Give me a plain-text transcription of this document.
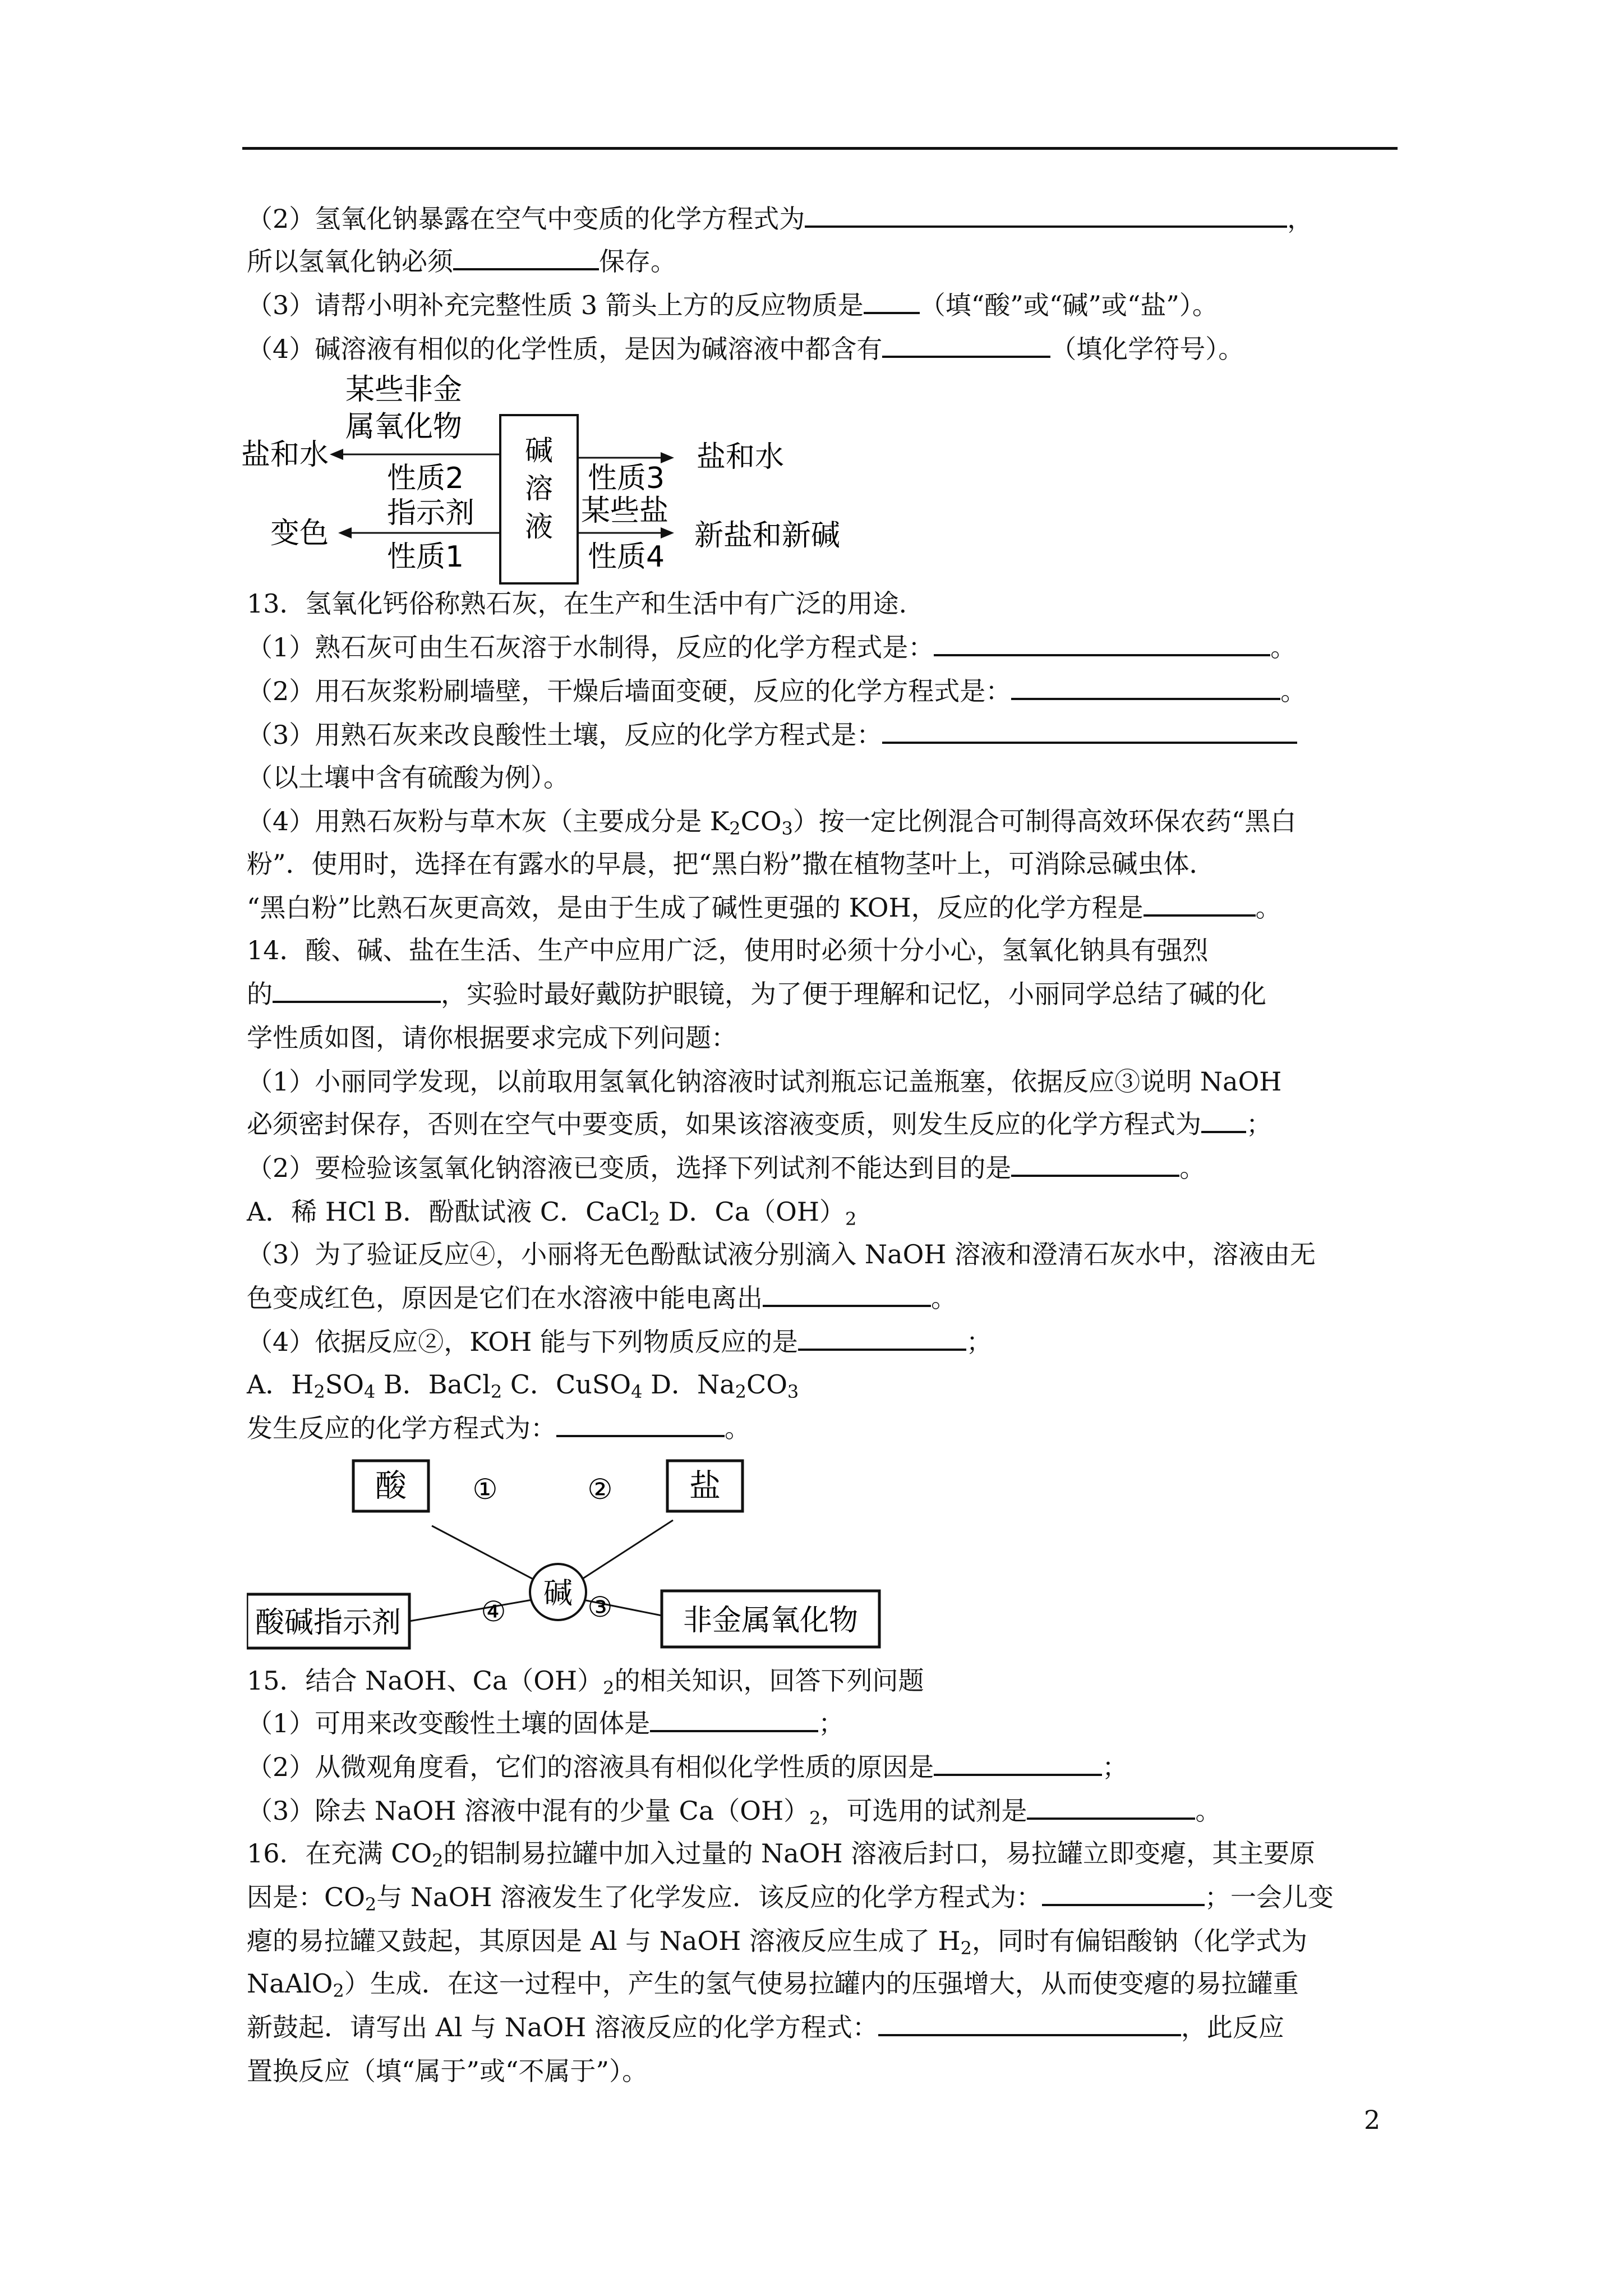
（2）氢氧化钠暴露在空气中变质的化学方程式为	，
所以氢氧化钠必须	保存。
（3）请帮小明补充完整性质 3 箭头上方的反应物质是 （填“酸”或“碱”或“盐”）。
（4）碱溶液有相似的化学性质，是因为碱溶液中都含有	（填化学符号）。
碱
溶
液
某些非金
属氧化物
盐和水
性质2
指示剂
变色
性质1
盐和水
性质3
某些盐
新盐和新碱
性质4
13．氢氧化钙俗称熟石灰，在生产和生活中有广泛的用途.
（1）熟石灰可由生石灰溶于水制得，反应的化学方程式是：	。
（2）用石灰浆粉刷墙壁，干燥后墙面变硬，反应的化学方程式是：	。
（3）用熟石灰来改良酸性土壤，反应的化学方程式是：
（以土壤中含有硫酸为例）。
（4）用熟石灰粉与草木灰（主要成分是 $K_2CO_3$）按一定比例混合可制得高效环保农药“黑白
粉”．使用时，选择在有露水的早晨，把“黑白粉”撒在植物茎叶上，可消除忌碱虫体．
“黑白粉”比熟石灰更高效，是由于生成了碱性更强的 KOH，反应的化学方程是	。
14．酸、碱、盐在生活、生产中应用广泛，使用时必须十分小心，氢氧化钠具有强烈
的	，实验时最好戴防护眼镜，为了便于理解和记忆，小丽同学总结了碱的化
学性质如图，请你根据要求完成下列问题：
（1）小丽同学发现，以前取用氢氧化钠溶液时试剂瓶忘记盖瓶塞，依据反应③说明 NaOH
必须密封保存，否则在空气中要变质，如果该溶液变质，则发生反应的化学方程式为 ；
（2）要检验该氢氧化钠溶液已变质，选择下列试剂不能达到目的是	。
A．稀 HCl B．酚酞试液 C．CaCl$_2$ D．$Ca(OH)_2$
（3）为了验证反应④，小丽将无色酚酞试液分别滴入 NaOH 溶液和澄清石灰水中，溶液由无
色变成红色，原因是它们在水溶液中能电离出	。
（4）依据反应②，KOH 能与下列物质反应的是	；
A．$H_2SO_4$ B．BaCl$_2$ C．CuSO$_4$ D．$Na_2CO_3$
发生反应的化学方程式为：	。
酸	盐
碱
酸碱指示剂	非金属氧化物
①	②
④	③
15．结合 NaOH、$Ca(OH)_2$的相关知识，回答下列问题
（1）可用来改变酸性土壤的固体是	；
（2）从微观角度看，它们的溶液具有相似化学性质的原因是	；
（3）除去 NaOH 溶液中混有的少量 $Ca(OH)_2$，可选用的试剂是	。
16．在充满 $CO_2$的铝制易拉罐中加入过量的 NaOH 溶液后封口，易拉罐立即变瘪，其主要原
因是：$CO_2$与 NaOH 溶液发生了化学发应．该反应的化学方程式为：	；一会儿变
瘪的易拉罐又鼓起，其原因是 Al 与 NaOH 溶液反应生成了 $H_2$，同时有偏铝酸钠（化学式为
NaAlO$_2$）生成．在这一过程中，产生的氢气使易拉罐内的压强增大，从而使变瘪的易拉罐重
新鼓起．请写出 Al 与 NaOH 溶液反应的化学方程式：	，此反应
置换反应（填“属于”或“不属于”）。
2
